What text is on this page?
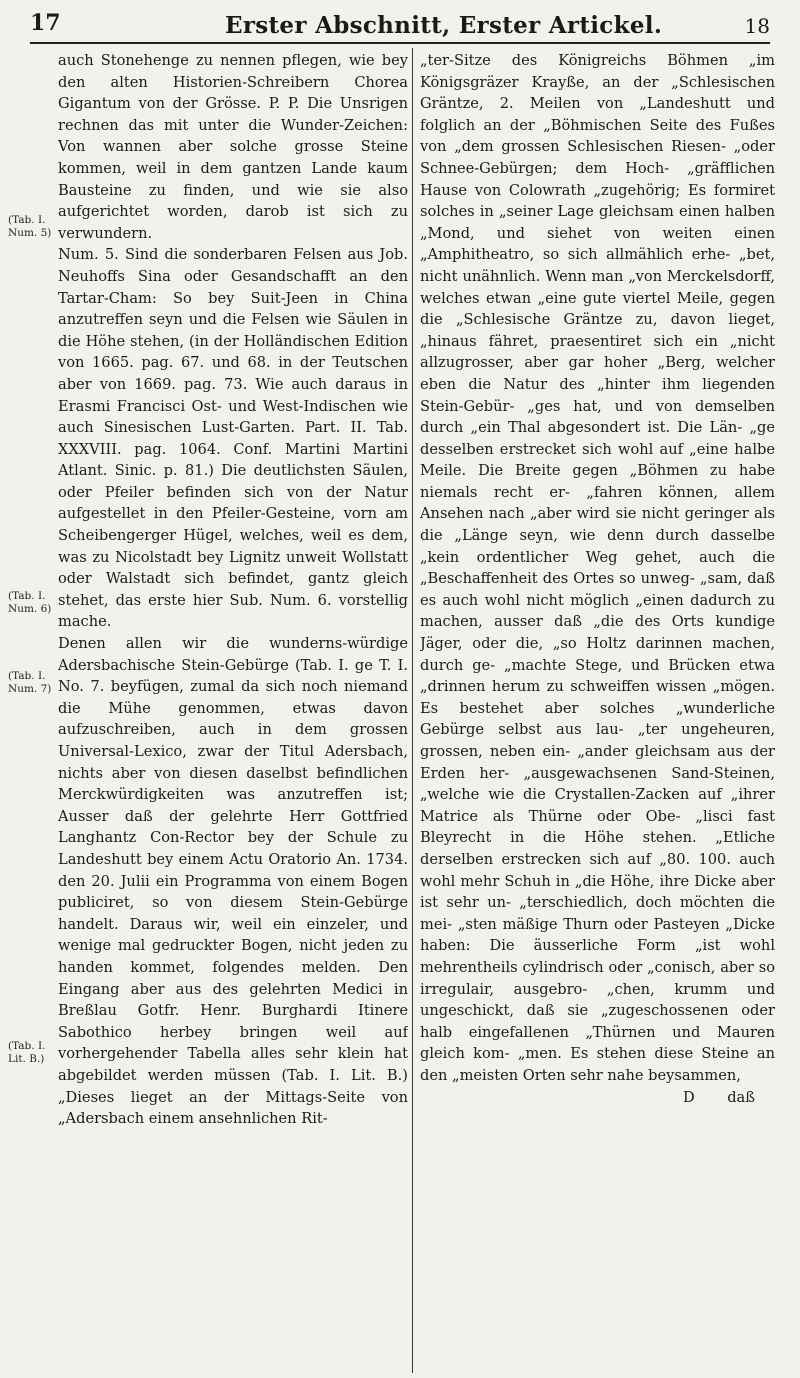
17	Erster Abschnitt, Erster Artickel.	18
(Tab. I. Num. 5)
(Tab. I. Num. 6)
(Tab. I. Num. 7)
(Tab. I. Lit. B.)

auch Stonehenge zu nennen pflegen, wie bey den alten Historien-Schreibern Chorea Gigantum von der Grösse. P. P. Die Unsrigen rechnen das mit unter die Wunder-Zeichen: Von wannen aber solche grosse Steine kommen, weil in dem gantzen Lande kaum Bausteine zu finden, und wie sie also aufgerichtet worden, darob ist sich zu verwundern.

Num. 5. Sind die sonderbaren Felsen aus Job. Neuhoffs Sina oder Gesandschafft an den Tartar-Cham: So bey Suit-Jeen in China anzutreffen seyn und die Felsen wie Säulen in die Höhe stehen, (in der Holländischen Edition von 1665. pag. 67. und 68. in der Teutschen aber von 1669. pag. 73. Wie auch daraus in Erasmi Francisci Ost- und West-Indischen wie auch Sinesischen Lust-Garten. Part. II. Tab. XXXVIII. pag. 1064. Conf. Martini Martini Atlant. Sinic. p. 81.) Die deutlichsten Säulen, oder Pfeiler befinden sich von der Natur aufgestellet in den Pfeiler-Gesteine, vorn am Scheibengerger Hügel, welches, weil es dem, was zu Nicolstadt bey Lignitz unweit Wollstatt oder Walstadt sich befindet, gantz gleich stehet, das erste hier Sub. Num. 6. vorstellig mache.

Denen allen wir die wunderns-würdige Adersbachische Stein-Gebürge (Tab. I. ge T. I. No. 7. beyfügen, zumal da sich noch niemand die Mühe genommen, etwas davon aufzuschreiben, auch in dem grossen Universal-Lexico, zwar der Titul Adersbach, nichts aber von diesen daselbst befindlichen Merckwürdigkeiten was anzutreffen ist; Ausser daß der gelehrte Herr Gottfried Langhantz Con-Rector bey der Schule zu Landeshutt bey einem Actu Oratorio An. 1734. den 20. Julii ein Programma von einem Bogen publiciret, so von diesem Stein-Gebürge handelt. Daraus wir, weil ein einzeler, und wenige mal gedruckter Bogen, nicht jeden zu handen kommet, folgendes melden. Den Eingang aber aus des gelehrten Medici in Breßlau Gotfr. Henr. Burghardi Itinere Sabothico herbey bringen weil auf vorhergehender Tabella alles sehr klein hat abgebildet werden müssen (Tab. I. Lit. B.) „Dieses lieget an der Mittags-Seite von „Adersbach einem ansehnlichen Rit-

„ter-Sitze des Königreichs Böhmen „im Königsgräzer Krayße, an der „Schlesischen Gräntze, 2. Meilen von „Landeshutt und folglich an der „Böhmischen Seite des Fußes von „dem grossen Schlesischen Riesen- „oder Schnee-Gebürgen; dem Hoch- „gräfflichen Hause von Colowrath „zugehörig; Es formiret solches in „seiner Lage gleichsam einen halben „Mond, und siehet von weiten einen „Amphitheatro, so sich allmählich erhe- „bet, nicht unähnlich. Wenn man „von Merckelsdorff, welches etwan „eine gute viertel Meile, gegen die „Schlesische Gräntze zu, davon lieget, „hinaus fähret, praesentiret sich ein „nicht allzugrosser, aber gar hoher „Berg, welcher eben die Natur des „hinter ihm liegenden Stein-Gebür- „ges hat, und von demselben durch „ein Thal abgesondert ist. Die Län- „ge desselben erstrecket sich wohl auf „eine halbe Meile. Die Breite gegen „Böhmen zu habe niemals recht er- „fahren können, allem Ansehen nach „aber wird sie nicht geringer als die „Länge seyn, wie denn durch dasselbe „kein ordentlicher Weg gehet, auch die „Beschaffenheit des Ortes so unweg- „sam, daß es auch wohl nicht möglich „einen dadurch zu machen, ausser daß „die des Orts kundige Jäger, oder die, „so Holtz darinnen machen, durch ge- „machte Stege, und Brücken etwa „drinnen herum zu schweiffen wissen „mögen. Es bestehet aber solches „wunderliche Gebürge selbst aus lau- „ter ungeheuren, grossen, neben ein- „ander gleichsam aus der Erden her- „ausgewachsenen Sand-Steinen, „welche wie die Crystallen-Zacken auf „ihrer Matrice als Thürne oder Obe- „lisci fast Bleyrecht in die Höhe stehen. „Etliche derselben erstrecken sich auf „80. 100. auch wohl mehr Schuh in „die Höhe, ihre Dicke aber ist sehr un- „terschiedlich, doch möchten die mei- „sten mäßige Thurn oder Pasteyen „Dicke haben: Die äusserliche Form „ist wohl mehrentheils cylindrisch oder „conisch, aber so irregulair, ausgebro- „chen, krumm und ungeschickt, daß sie „zugeschossenen oder halb eingefallenen „Thürnen und Mauren gleich kom- „men. Es stehen diese Steine an den „meisten Orten sehr nahe beysammen,

D daß
